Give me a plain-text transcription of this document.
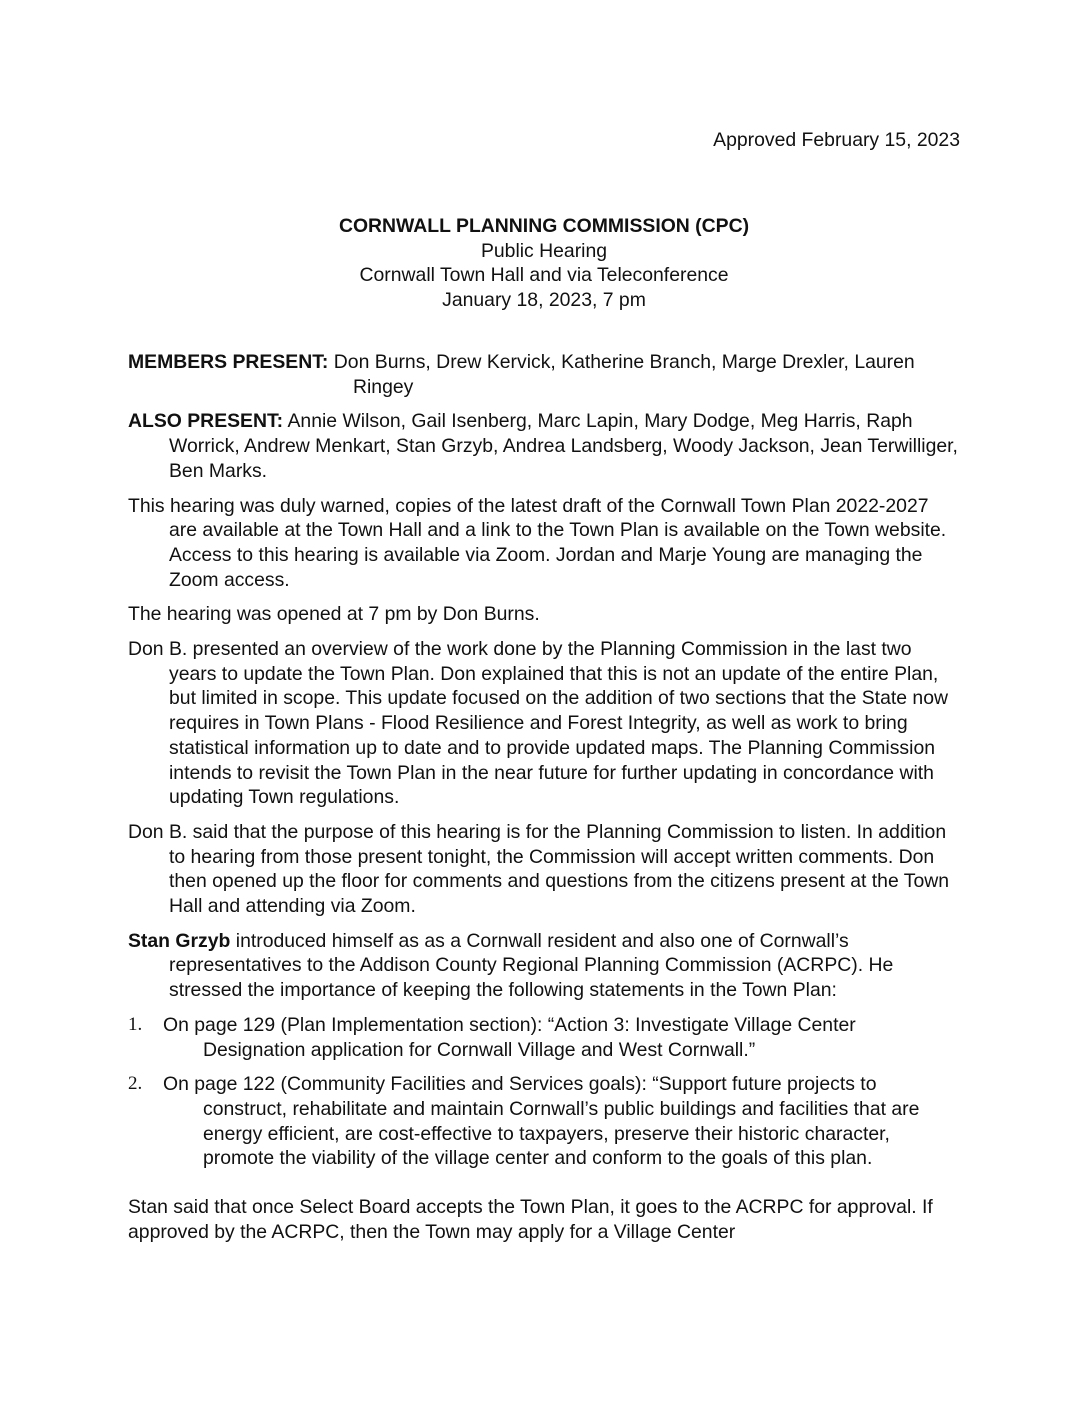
Approved February 15, 2023
CORNWALL PLANNING COMMISSION (CPC)
Public Hearing
Cornwall Town Hall and via Teleconference
January 18, 2023, 7 pm

MEMBERS PRESENT: Don Burns, Drew Kervick, Katherine Branch, Marge Drexler, Lauren Ringey

ALSO PRESENT: Annie Wilson, Gail Isenberg, Marc Lapin, Mary Dodge, Meg Harris, Raph Worrick, Andrew Menkart, Stan Grzyb, Andrea Landsberg, Woody Jackson, Jean Terwilliger, Ben Marks.

This hearing was duly warned, copies of the latest draft of the Cornwall Town Plan 2022-2027 are available at the Town Hall and a link to the Town Plan is available on the Town website. Access to this hearing is available via Zoom. Jordan and Marje Young are managing the Zoom access.

The hearing was opened at 7 pm by Don Burns.

Don B. presented an overview of the work done by the Planning Commission in the last two years to update the Town Plan. Don explained that this is not an update of the entire Plan, but limited in scope. This update focused on the addition of two sections that the State now requires in Town Plans - Flood Resilience and Forest Integrity, as well as work to bring statistical information up to date and to provide updated maps. The Planning Commission intends to revisit the Town Plan in the near future for further updating in concordance with updating Town regulations.

Don B. said that the purpose of this hearing is for the Planning Commission to listen. In addition to hearing from those present tonight, the Commission will accept written comments. Don then opened up the floor for comments and questions from the citizens present at the Town Hall and attending via Zoom.

Stan Grzyb introduced himself as as a Cornwall resident and also one of Cornwall’s representatives to the Addison County Regional Planning Commission (ACRPC). He stressed the importance of keeping the following statements in the Town Plan:

1.	On page 129 (Plan Implementation section): “Action 3: Investigate Village Center Designation application for Cornwall Village and West Cornwall.”
2.	On page 122 (Community Facilities and Services goals): “Support future projects to construct, rehabilitate and maintain Cornwall’s public buildings and facilities that are energy efficient, are cost-effective to taxpayers, preserve their historic character, promote the viability of the village center and conform to the goals of this plan.

Stan said that once Select Board accepts the Town Plan, it goes to the ACRPC for approval. If approved by the ACRPC, then the Town may apply for a Village Center
